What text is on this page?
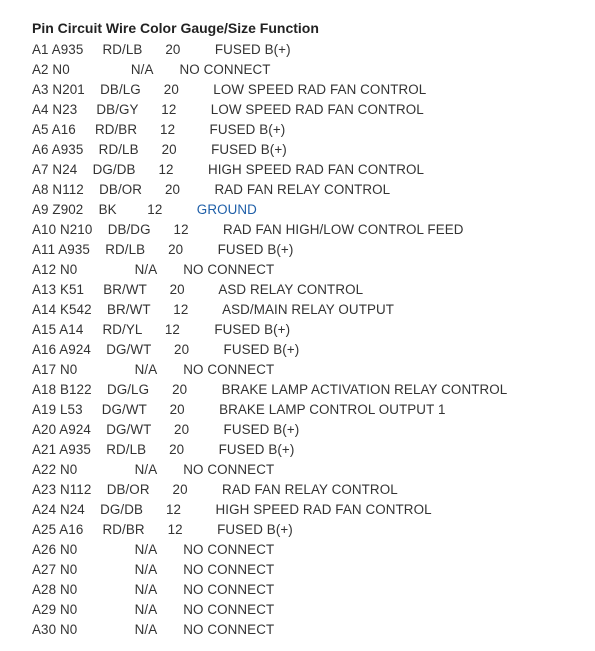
Pin Circuit Wire Color Gauge/Size Function
A1 A935 RD/LB 20	FUSED B(+)
A2 N0	N/A NO CONNECT
A3 N201 DB/LG 20	LOW SPEED RAD FAN CONTROL
A4 N23 DB/GY 12	LOW SPEED RAD FAN CONTROL
A5 A16 RD/BR 12	FUSED B(+)
A6 A935 RD/LB 20	FUSED B(+)
A7 N24 DG/DB 12	HIGH SPEED RAD FAN CONTROL
A8 N112 DB/OR 20	RAD FAN RELAY CONTROL
A9 Z902 BK 12	GROUND
A10 N210 DB/DG 12	RAD FAN HIGH/LOW CONTROL FEED
A11 A935 RD/LB 20	FUSED B(+)
A12 N0	N/A NO CONNECT
A13 K51 BR/WT 20	ASD RELAY CONTROL
A14 K542 BR/WT 12	ASD/MAIN RELAY OUTPUT
A15 A14 RD/YL 12	FUSED B(+)
A16 A924 DG/WT 20	FUSED B(+)
A17 N0	N/A NO CONNECT
A18 B122 DG/LG 20	BRAKE LAMP ACTIVATION RELAY CONTROL
A19 L53 DG/WT 20	BRAKE LAMP CONTROL OUTPUT 1
A20 A924 DG/WT 20	FUSED B(+)
A21 A935 RD/LB 20	FUSED B(+)
A22 N0	N/A NO CONNECT
A23 N112 DB/OR 20	RAD FAN RELAY CONTROL
A24 N24 DG/DB 12	HIGH SPEED RAD FAN CONTROL
A25 A16 RD/BR 12	FUSED B(+)
A26 N0	N/A NO CONNECT
A27 N0	N/A NO CONNECT
A28 N0	N/A NO CONNECT
A29 N0	N/A NO CONNECT
A30 N0	N/A NO CONNECT
